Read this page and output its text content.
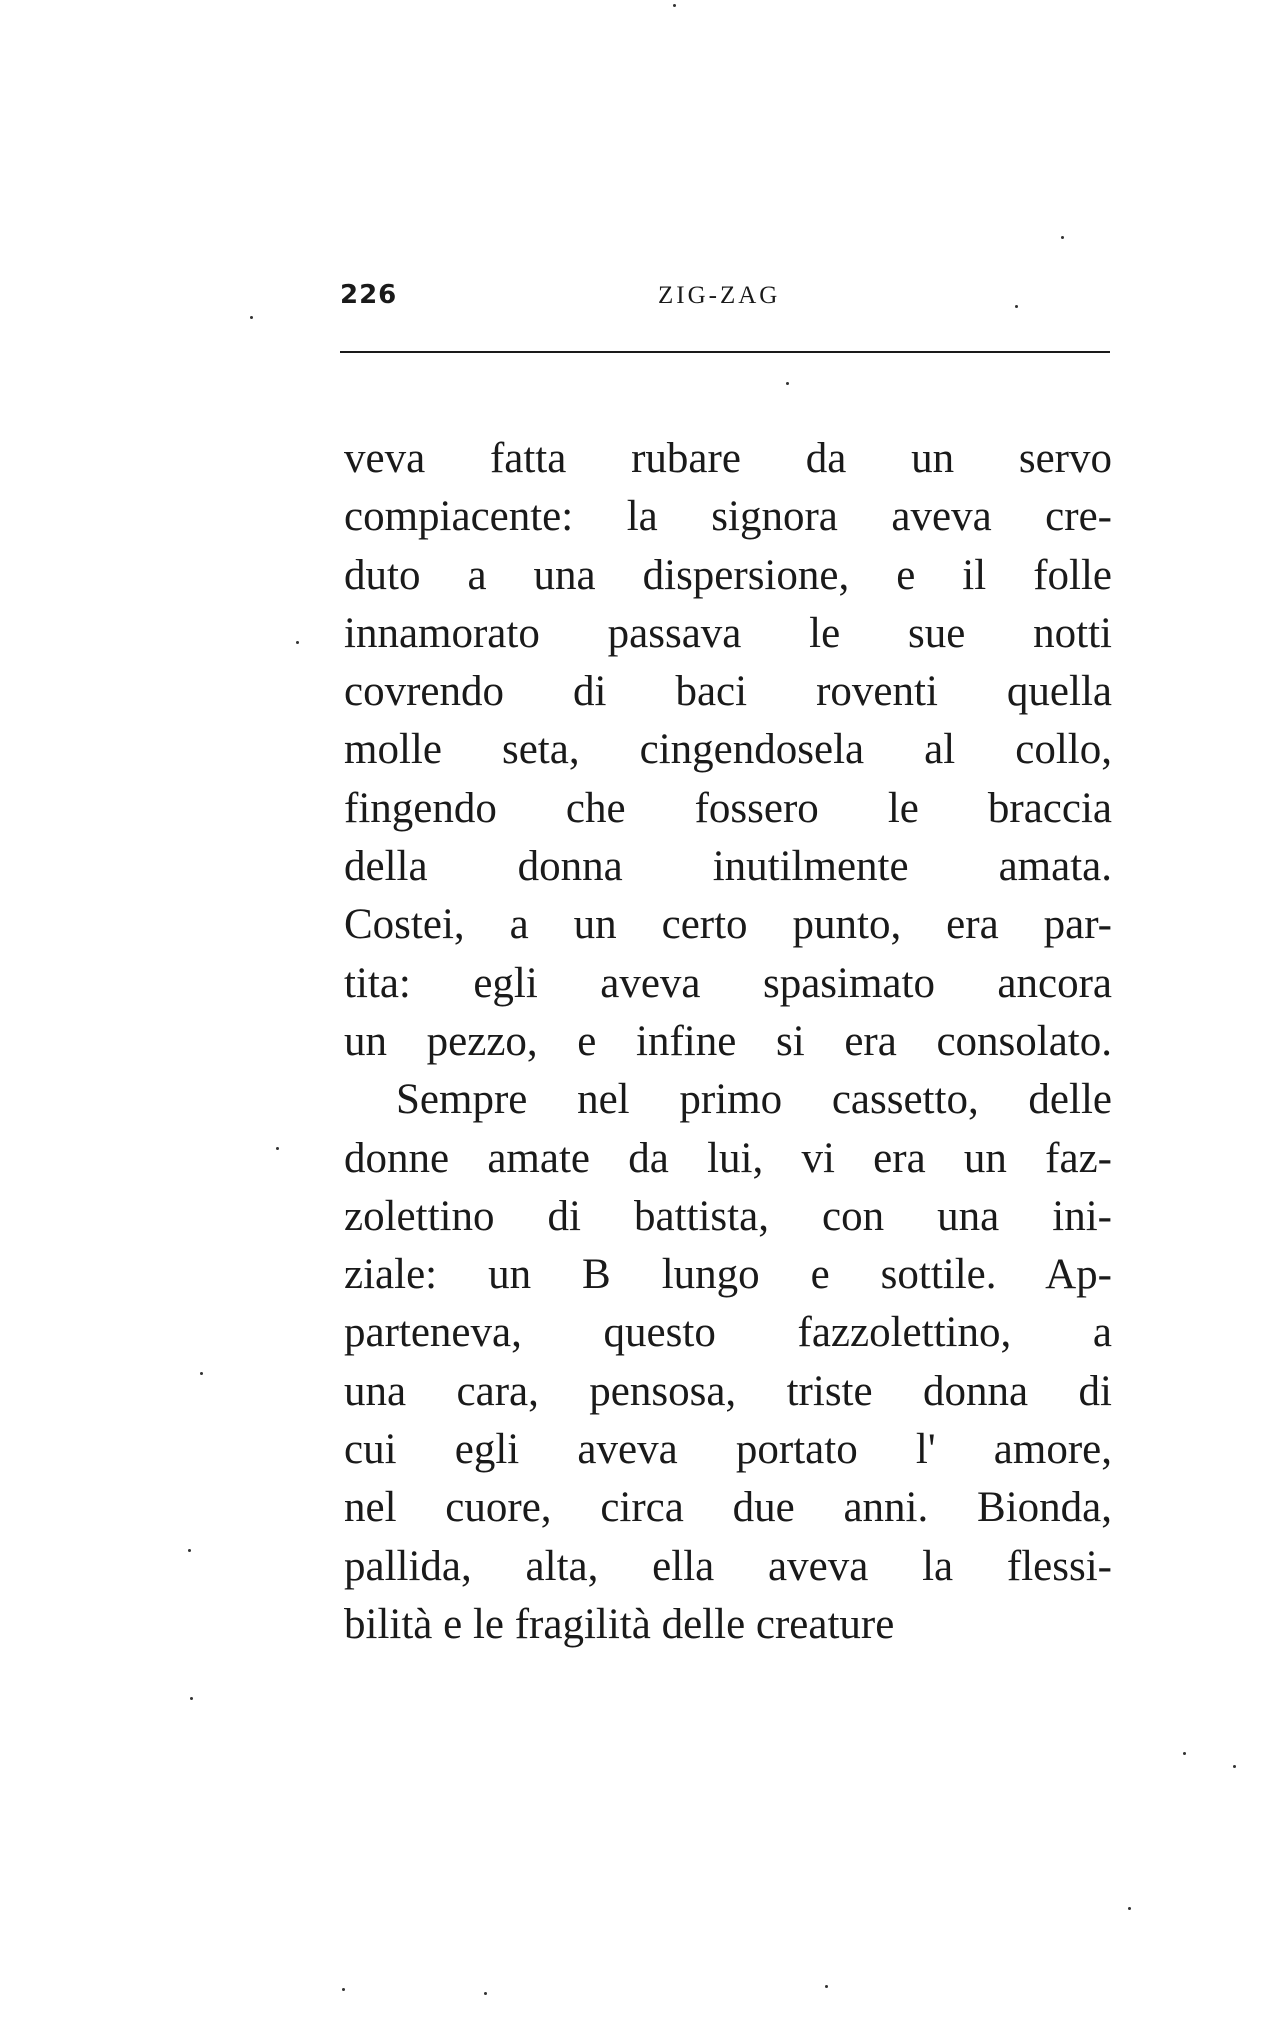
226	ZIG-ZAG
veva fatta rubare da un servo
compiacente: la signora aveva cre-
duto a una dispersione, e il folle
innamorato passava le sue notti
covrendo di baci roventi quella
molle seta, cingendosela al collo,
fingendo che fossero le braccia
della donna inutilmente amata.
Costei, a un certo punto, era par-
tita: egli aveva spasimato ancora
un pezzo, e infine si era consolato.
Sempre nel primo cassetto, delle
donne amate da lui, vi era un faz-
zolettino di battista, con una ini-
ziale: un B lungo e sottile. Ap-
parteneva, questo fazzolettino, a
una cara, pensosa, triste donna di
cui egli aveva portato l' amore,
nel cuore, circa due anni. Bionda,
pallida, alta, ella aveva la flessi-
bilità e le fragilità delle creature
